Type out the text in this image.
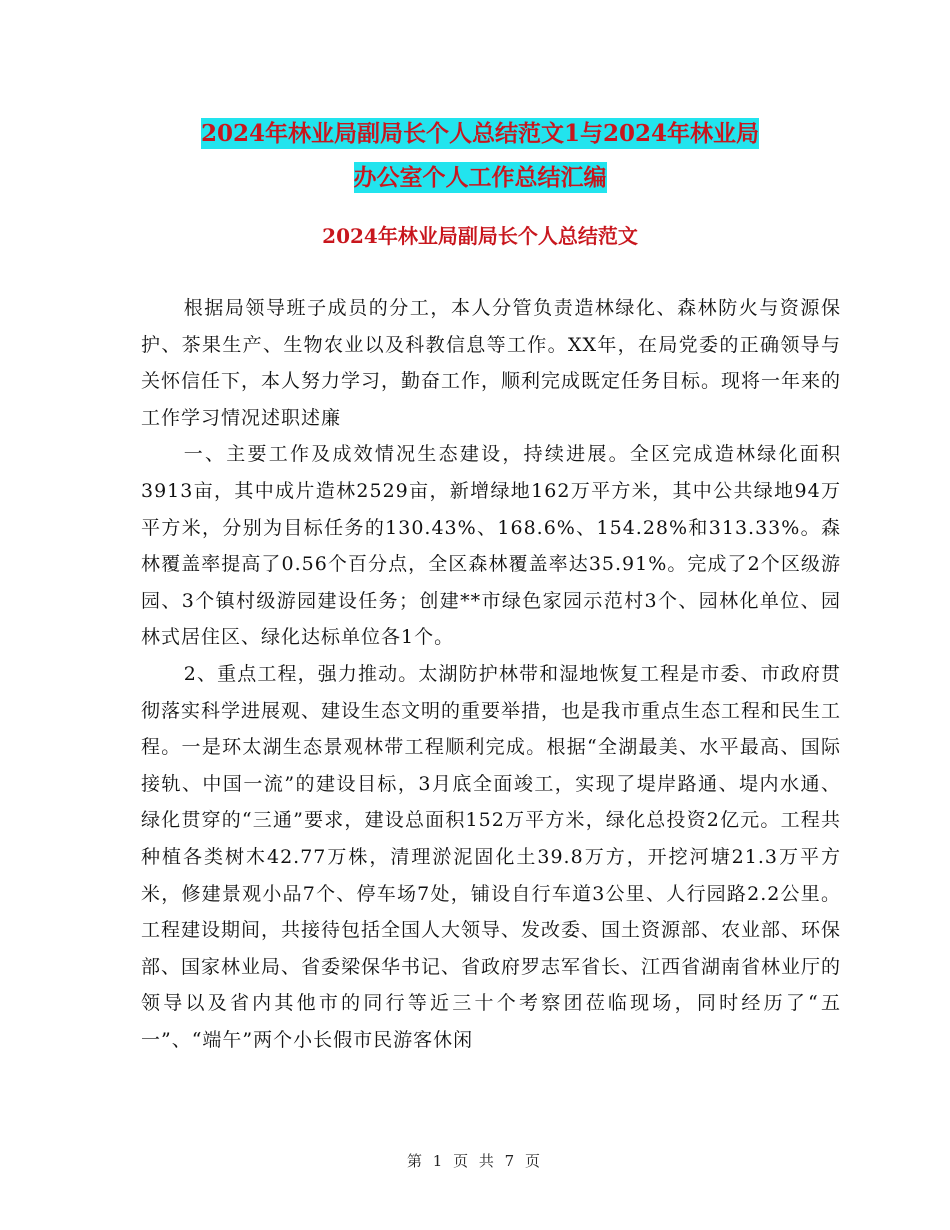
2024年林业局副局长个人总结范文1与2024年林业局
办公室个人工作总结汇编
2024年林业局副局长个人总结范文

根据局领导班子成员的分工，本人分管负责造林绿化、森林防火与资源保护、茶果生产、生物农业以及科教信息等工作。XX年，在局党委的正确领导与关怀信任下，本人努力学习，勤奋工作，顺利完成既定任务目标。现将一年来的工作学习情况述职述廉

一、主要工作及成效情况生态建设，持续进展。全区完成造林绿化面积3913亩，其中成片造林2529亩，新增绿地162万平方米，其中公共绿地94万平方米，分别为目标任务的130.43%、168.6%、154.28%和313.33%。森林覆盖率提高了0.56个百分点，全区森林覆盖率达35.91%。完成了2个区级游园、3个镇村级游园建设任务；创建**市绿色家园示范村3个、园林化单位、园林式居住区、绿化达标单位各1个。

2、重点工程，强力推动。太湖防护林带和湿地恢复工程是市委、市政府贯彻落实科学进展观、建设生态文明的重要举措，也是我市重点生态工程和民生工程。一是环太湖生态景观林带工程顺利完成。根据“全湖最美、水平最高、国际接轨、中国一流”的建设目标，3月底全面竣工，实现了堤岸路通、堤内水通、绿化贯穿的“三通”要求，建设总面积152万平方米，绿化总投资2亿元。工程共种植各类树木42.77万株，清理淤泥固化土39.8万方，开挖河塘21.3万平方米，修建景观小品7个、停车场7处，铺设自行车道3公里、人行园路2.2公里。工程建设期间，共接待包括全国人大领导、发改委、国土资源部、农业部、环保部、国家林业局、省委梁保华书记、省政府罗志军省长、江西省湖南省林业厅的领导以及省内其他市的同行等近三十个考察团莅临现场，同时经历了“五一”、“端午”两个小长假市民游客休闲

第 1 页 共 7 页
